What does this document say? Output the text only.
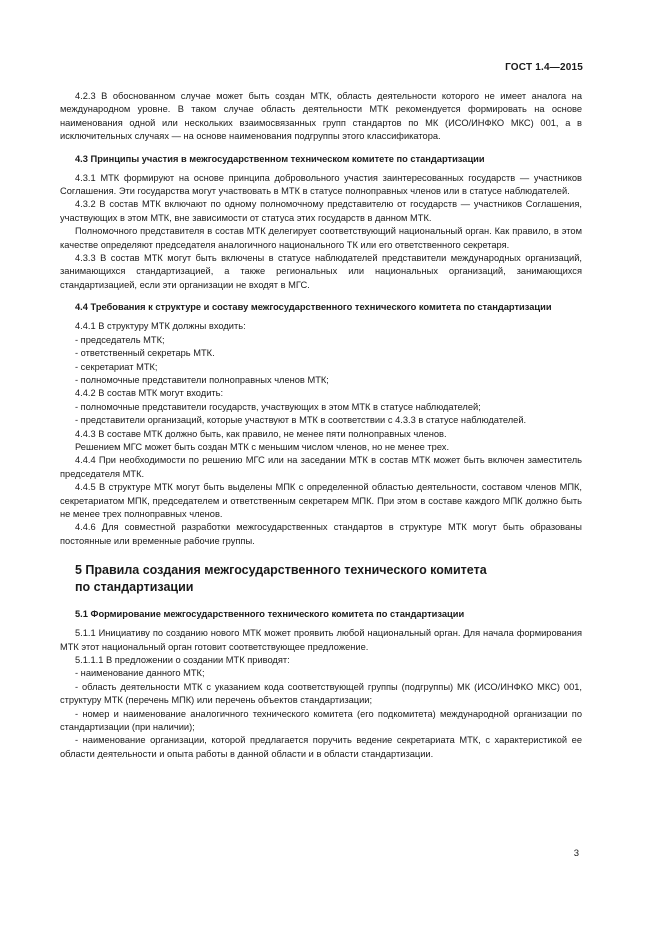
ГОСТ 1.4—2015

4.2.3 В обоснованном случае может быть создан МТК, область деятельности которого не имеет аналога на международном уровне. В таком случае область деятельности МТК рекомендуется формировать на основе наименования одной или нескольких взаимосвязанных групп стандартов по МК (ИСО/ИНФКО МКС) 001, а в исключительных случаях — на основе наименования подгруппы этого классификатора.

4.3 Принципы участия в межгосударственном техническом комитете по стандартизации

4.3.1 МТК формируют на основе принципа добровольного участия заинтересованных государств — участников Соглашения. Эти государства могут участвовать в МТК в статусе полноправных членов или в статусе наблюдателей.

4.3.2 В состав МТК включают по одному полномочному представителю от государств — участников Соглашения, участвующих в этом МТК, вне зависимости от статуса этих государств в данном МТК.

Полномочного представителя в состав МТК делегирует соответствующий национальный орган. Как правило, в этом качестве определяют председателя аналогичного национального ТК или его ответственного секретаря.

4.3.3 В состав МТК могут быть включены в статусе наблюдателей представители международных организаций, занимающихся стандартизацией, а также региональных или национальных организаций, занимающихся стандартизацией, если эти организации не входят в МГС.

4.4 Требования к структуре и составу межгосударственного технического комитета по стандартизации

4.4.1 В структуру МТК должны входить:

- председатель МТК;

- ответственный секретарь МТК.

- секретариат МТК;

- полномочные представители полноправных членов МТК;

4.4.2 В состав МТК могут входить:

- полномочные представители государств, участвующих в этом МТК в статусе наблюдателей;

- представители организаций, которые участвуют в МТК в соответствии с 4.3.3 в статусе наблюдателей.

4.4.3 В составе МТК должно быть, как правило, не менее пяти полноправных членов.

Решением МГС может быть создан МТК с меньшим числом членов, но не менее трех.

4.4.4 При необходимости по решению МГС или на заседании МТК в состав МТК может быть включен заместитель председателя МТК.

4.4.5 В структуре МТК могут быть выделены МПК с определенной областью деятельности, составом членов МПК, секретариатом МПК, председателем и ответственным секретарем МПК. При этом в составе каждого МПК должно быть не менее трех полноправных членов.

4.4.6 Для совместной разработки межгосударственных стандартов в структуре МТК могут быть образованы постоянные или временные рабочие группы.

5 Правила создания межгосударственного технического комитета
по стандартизации
5.1 Формирование межгосударственного технического комитета по стандартизации

5.1.1 Инициативу по созданию нового МТК может проявить любой национальный орган. Для начала формирования МТК этот национальный орган готовит соответствующее предложение.

5.1.1.1 В предложении о создании МТК приводят:

- наименование данного МТК;

- область деятельности МТК с указанием кода соответствующей группы (подгруппы) МК (ИСО/ИНФКО МКС) 001, структуру МТК (перечень МПК) или перечень объектов стандартизации;

- номер и наименование аналогичного технического комитета (его подкомитета) международной организации по стандартизации (при наличии);

- наименование организации, которой предлагается поручить ведение секретариата МТК, с характеристикой ее области деятельности и опыта работы в данной области и в области стандартизации.

3
